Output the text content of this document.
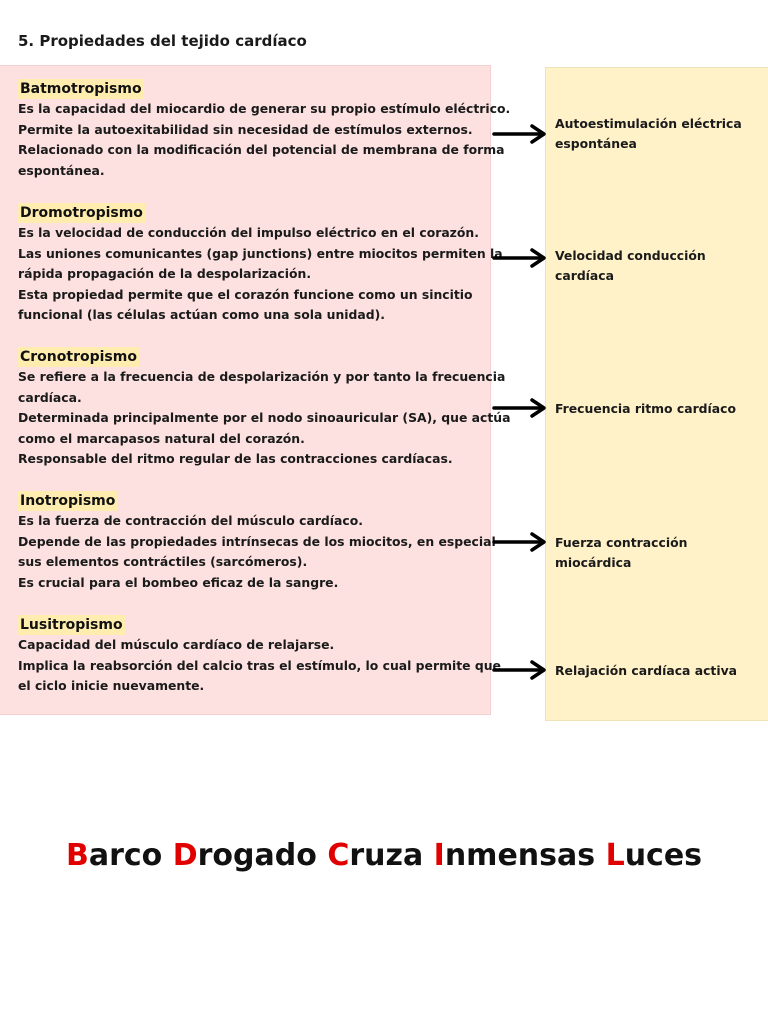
5. Propiedades del tejido cardíaco
Batmotropismo
Es la capacidad del miocardio de generar su propio estímulo eléctrico.
Permite la autoexitabilidad sin necesidad de estímulos externos.
Relacionado con la modificación del potencial de membrana de forma
espontánea.
Autoestimulación eléctrica
espontánea
Dromotropismo
Es la velocidad de conducción del impulso eléctrico en el corazón.
Las uniones comunicantes (gap junctions) entre miocitos permiten la
rápida propagación de la despolarización.
Esta propiedad permite que el corazón funcione como un sincitio
funcional (las células actúan como una sola unidad).
Velocidad conducción cardíaca
Cronotropismo
Se refiere a la frecuencia de despolarización y por tanto la frecuencia
cardíaca.
Determinada principalmente por el nodo sinoauricular (SA), que actúa
como el marcapasos natural del corazón.
Responsable del ritmo regular de las contracciones cardíacas.
Frecuencia ritmo cardíaco
Inotropismo
Es la fuerza de contracción del músculo cardíaco.
Depende de las propiedades intrínsecas de los miocitos, en especial
sus elementos contráctiles (sarcómeros).
Es crucial para el bombeo eficaz de la sangre.
Fuerza contracción miocárdica
Lusitropismo
Capacidad del músculo cardíaco de relajarse.
Implica la reabsorción del calcio tras el estímulo, lo cual permite que
el ciclo inicie nuevamente.
Relajación cardíaca activa
Barco Drogado Cruza Inmensas Luces
